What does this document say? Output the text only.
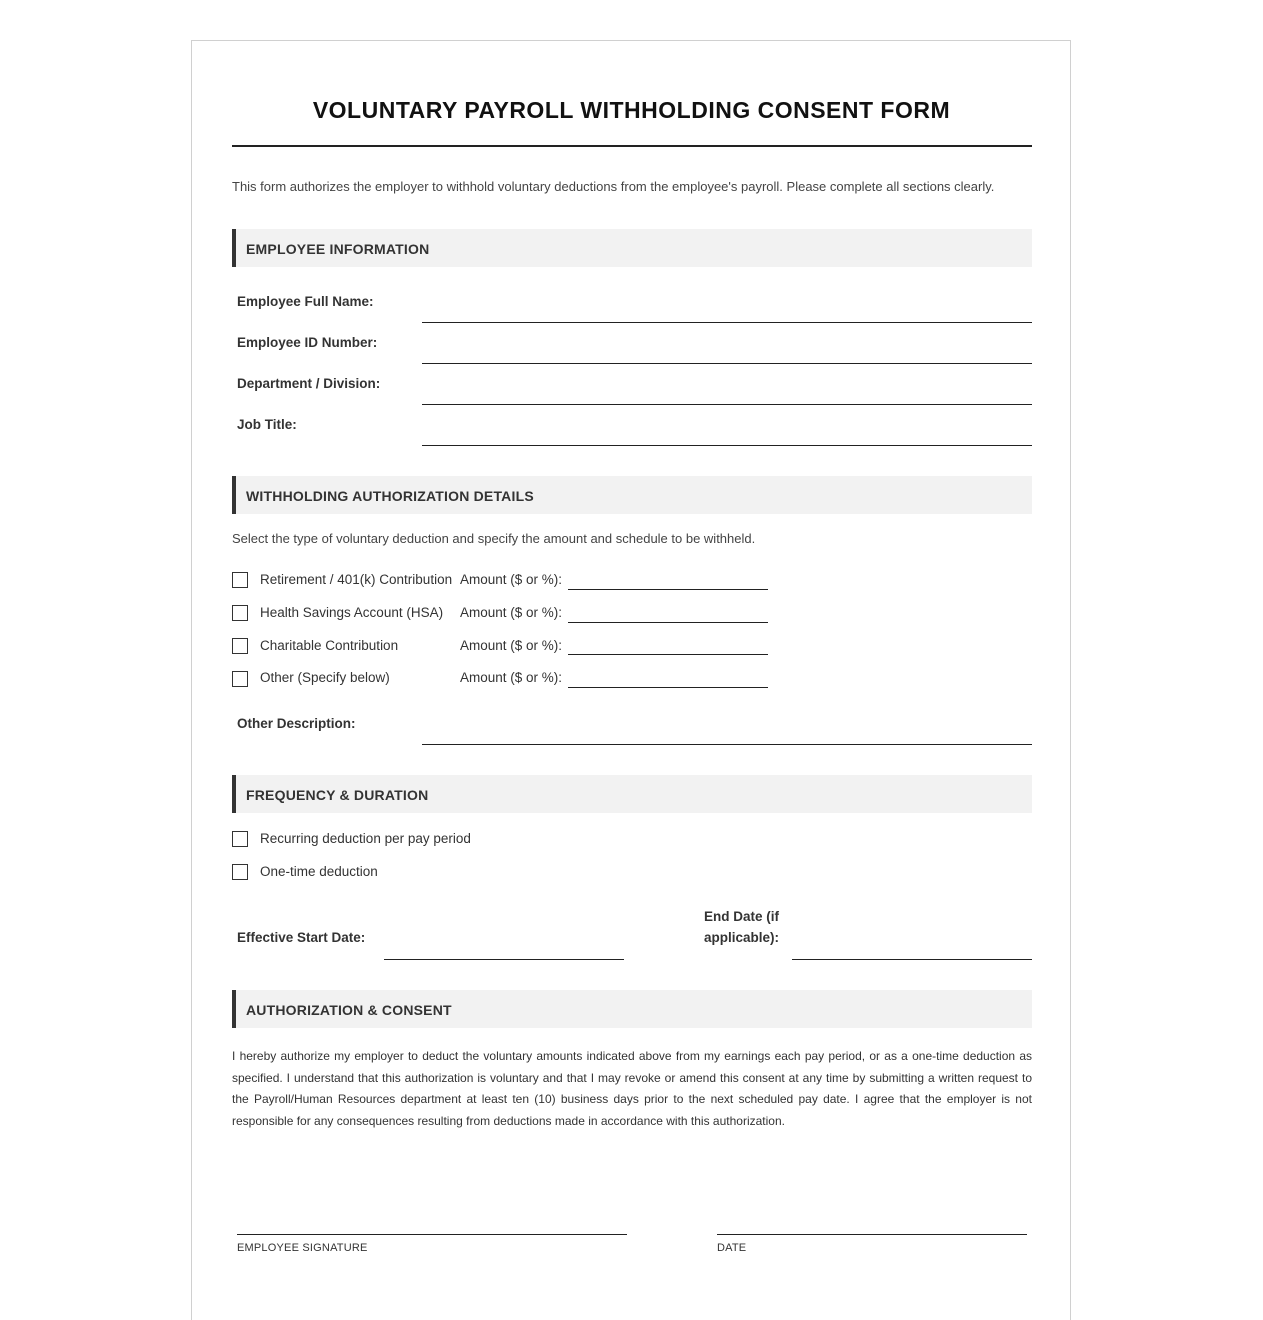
VOLUNTARY PAYROLL WITHHOLDING CONSENT FORM
This form authorizes the employer to withhold voluntary deductions from the employee's payroll. Please complete all sections clearly.
EMPLOYEE INFORMATION
Employee Full Name:
Employee ID Number:
Department / Division:
Job Title:
WITHHOLDING AUTHORIZATION DETAILS
Select the type of voluntary deduction and specify the amount and schedule to be withheld.
Retirement / 401(k) Contribution Amount ($ or %):
Health Savings Account (HSA) Amount ($ or %):
Charitable Contribution	Amount ($ or %):
Other (Specify below)	Amount ($ or %):
Other Description:
FREQUENCY & DURATION
Recurring deduction per pay period
One-time deduction
Effective Start Date:
End Date (if
applicable):
AUTHORIZATION & CONSENT
I hereby authorize my employer to deduct the voluntary amounts indicated above from my earnings each pay period, or as a one-time deduction as specified. I understand that this authorization is voluntary and that I may revoke or amend this consent at any time by submitting a written request to the Payroll/Human Resources department at least ten (10) business days prior to the next scheduled pay date. I agree that the employer is not responsible for any consequences resulting from deductions made in accordance with this authorization.
EMPLOYEE SIGNATURE	DATE
